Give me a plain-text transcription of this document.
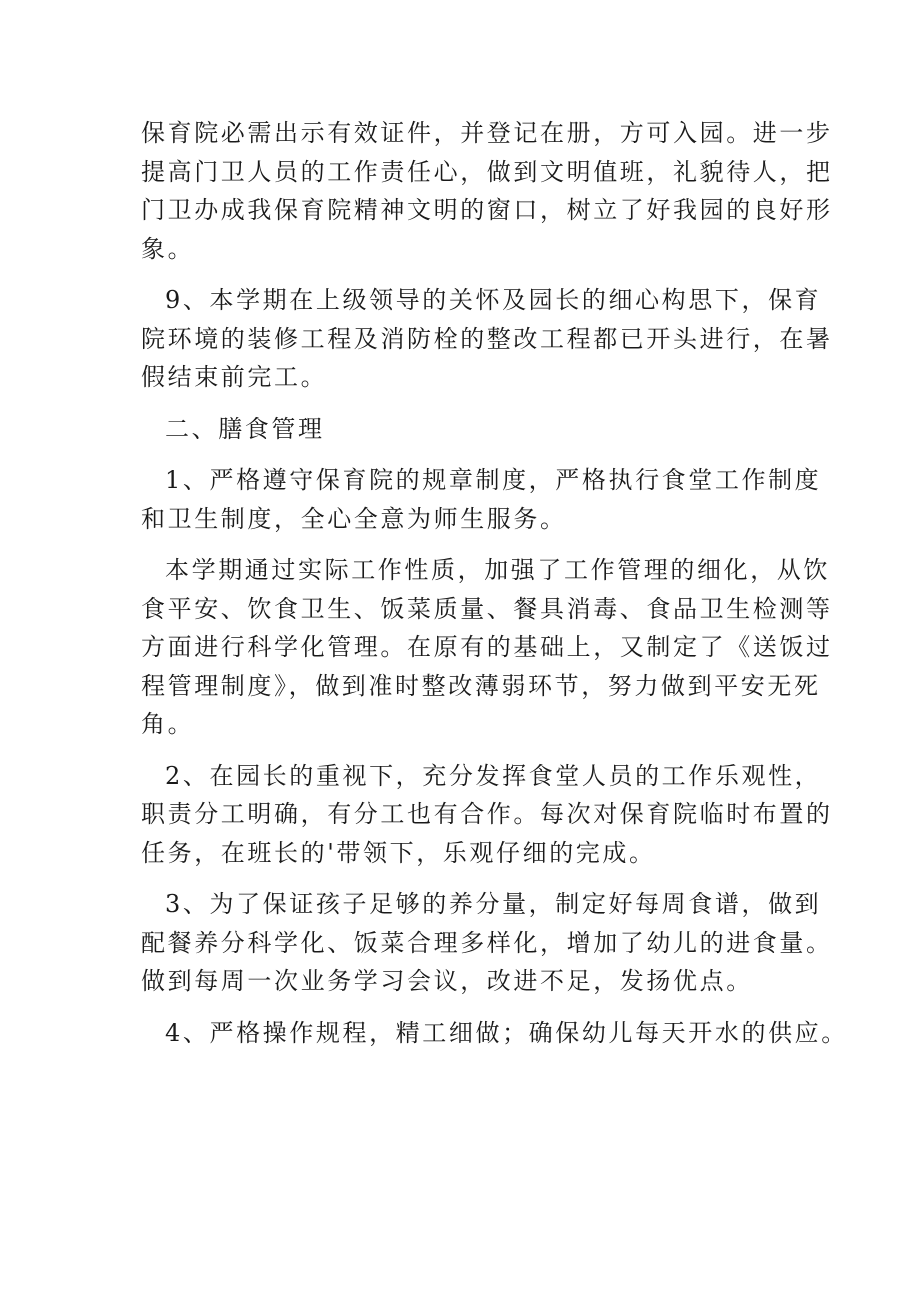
保育院必需出示有效证件，并登记在册，方可入园。进一步
提高门卫人员的工作责任心，做到文明值班，礼貌待人，把
门卫办成我保育院精神文明的窗口，树立了好我园的良好形
象。
9、本学期在上级领导的关怀及园长的细心构思下，保育
院环境的装修工程及消防栓的整改工程都已开头进行，在暑
假结束前完工。
二、膳食管理
1、严格遵守保育院的规章制度，严格执行食堂工作制度
和卫生制度，全心全意为师生服务。
本学期通过实际工作性质，加强了工作管理的细化，从饮
食平安、饮食卫生、饭菜质量、餐具消毒、食品卫生检测等
方面进行科学化管理。在原有的基础上，又制定了《送饭过
程管理制度》，做到准时整改薄弱环节，努力做到平安无死
角。
2、在园长的重视下，充分发挥食堂人员的工作乐观性，
职责分工明确，有分工也有合作。每次对保育院临时布置的
任务，在班长的'带领下，乐观仔细的完成。
3、为了保证孩子足够的养分量，制定好每周食谱，做到
配餐养分科学化、饭菜合理多样化，增加了幼儿的进食量。
做到每周一次业务学习会议，改进不足，发扬优点。
4、严格操作规程，精工细做；确保幼儿每天开水的供应。
